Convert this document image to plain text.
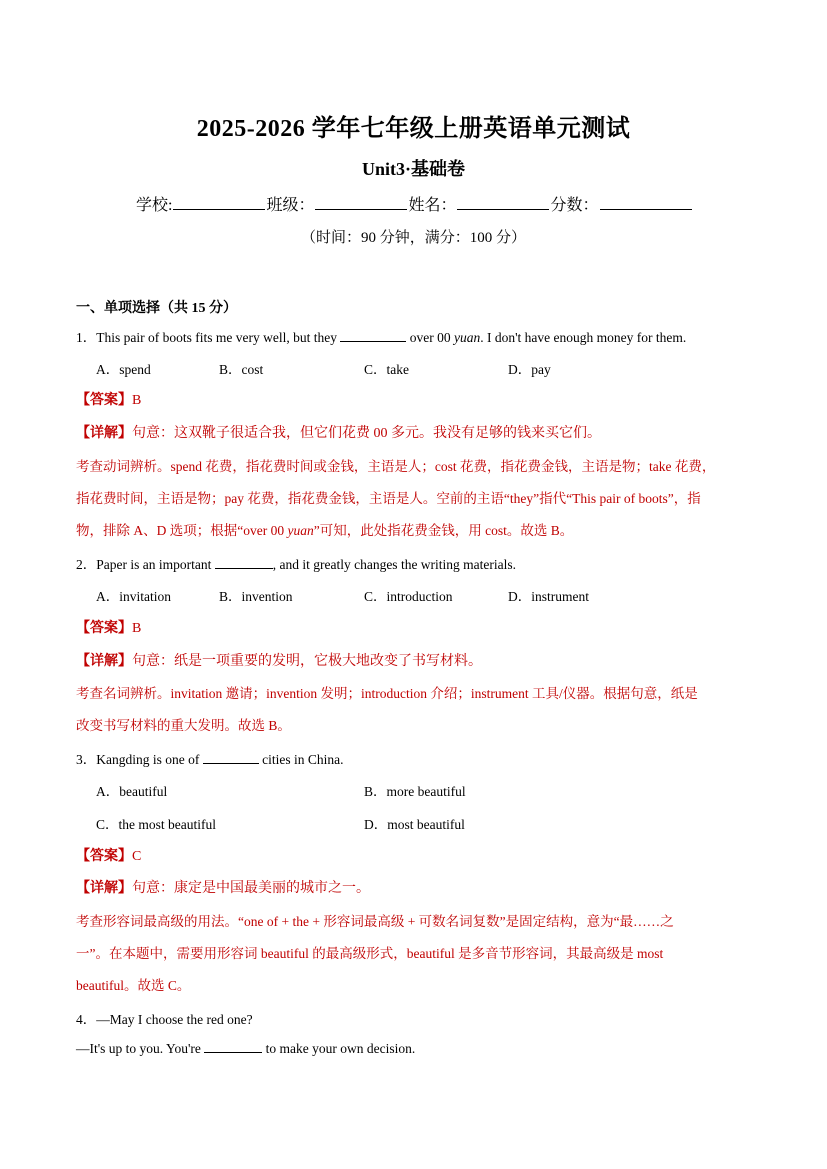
2025-2026 学年七年级上册英语单元测试
Unit3·基础卷
学校:	班级：	姓名：	分数：
（时间：90 分钟，满分：100 分）
一、单项选择（共 15 分）
1．This pair of boots fits me very well, but they	over 00 yuan. I don't have enough money for them.
A．spend	B．cost	C．take	D．pay
【答案】B
【详解】句意：这双靴子很适合我，但它们花费 00 多元。我没有足够的钱来买它们。
考查动词辨析。spend 花费，指花费时间或金钱，主语是人；cost 花费，指花费金钱，主语是物；take 花费，
指花费时间，主语是物；pay 花费，指花费金钱，主语是人。空前的主语“they”指代“This pair of boots”，指
物，排除 A、D 选项；根据“over 00 yuan”可知，此处指花费金钱，用 cost。故选 B。
2．Paper is an important	, and it greatly changes the writing materials.
A．invitation	B．invention	C．introduction	D．instrument
【答案】B
【详解】句意：纸是一项重要的发明，它极大地改变了书写材料。
考查名词辨析。invitation 邀请；invention 发明；introduction 介绍；instrument 工具/仪器。根据句意，纸是
改变书写材料的重大发明。故选 B。
3．Kangding is one of	cities in China.
A．beautiful	B．more beautiful
C．the most beautiful	D．most beautiful
【答案】C
【详解】句意：康定是中国最美丽的城市之一。
考查形容词最高级的用法。“one of + the + 形容词最高级 + 可数名词复数”是固定结构，意为“最……之
一”。在本题中，需要用形容词 beautiful 的最高级形式，beautiful 是多音节形容词，其最高级是 most
beautiful。故选 C。
4．—May I choose the red one?
—It's up to you. You're	to make your own decision.
